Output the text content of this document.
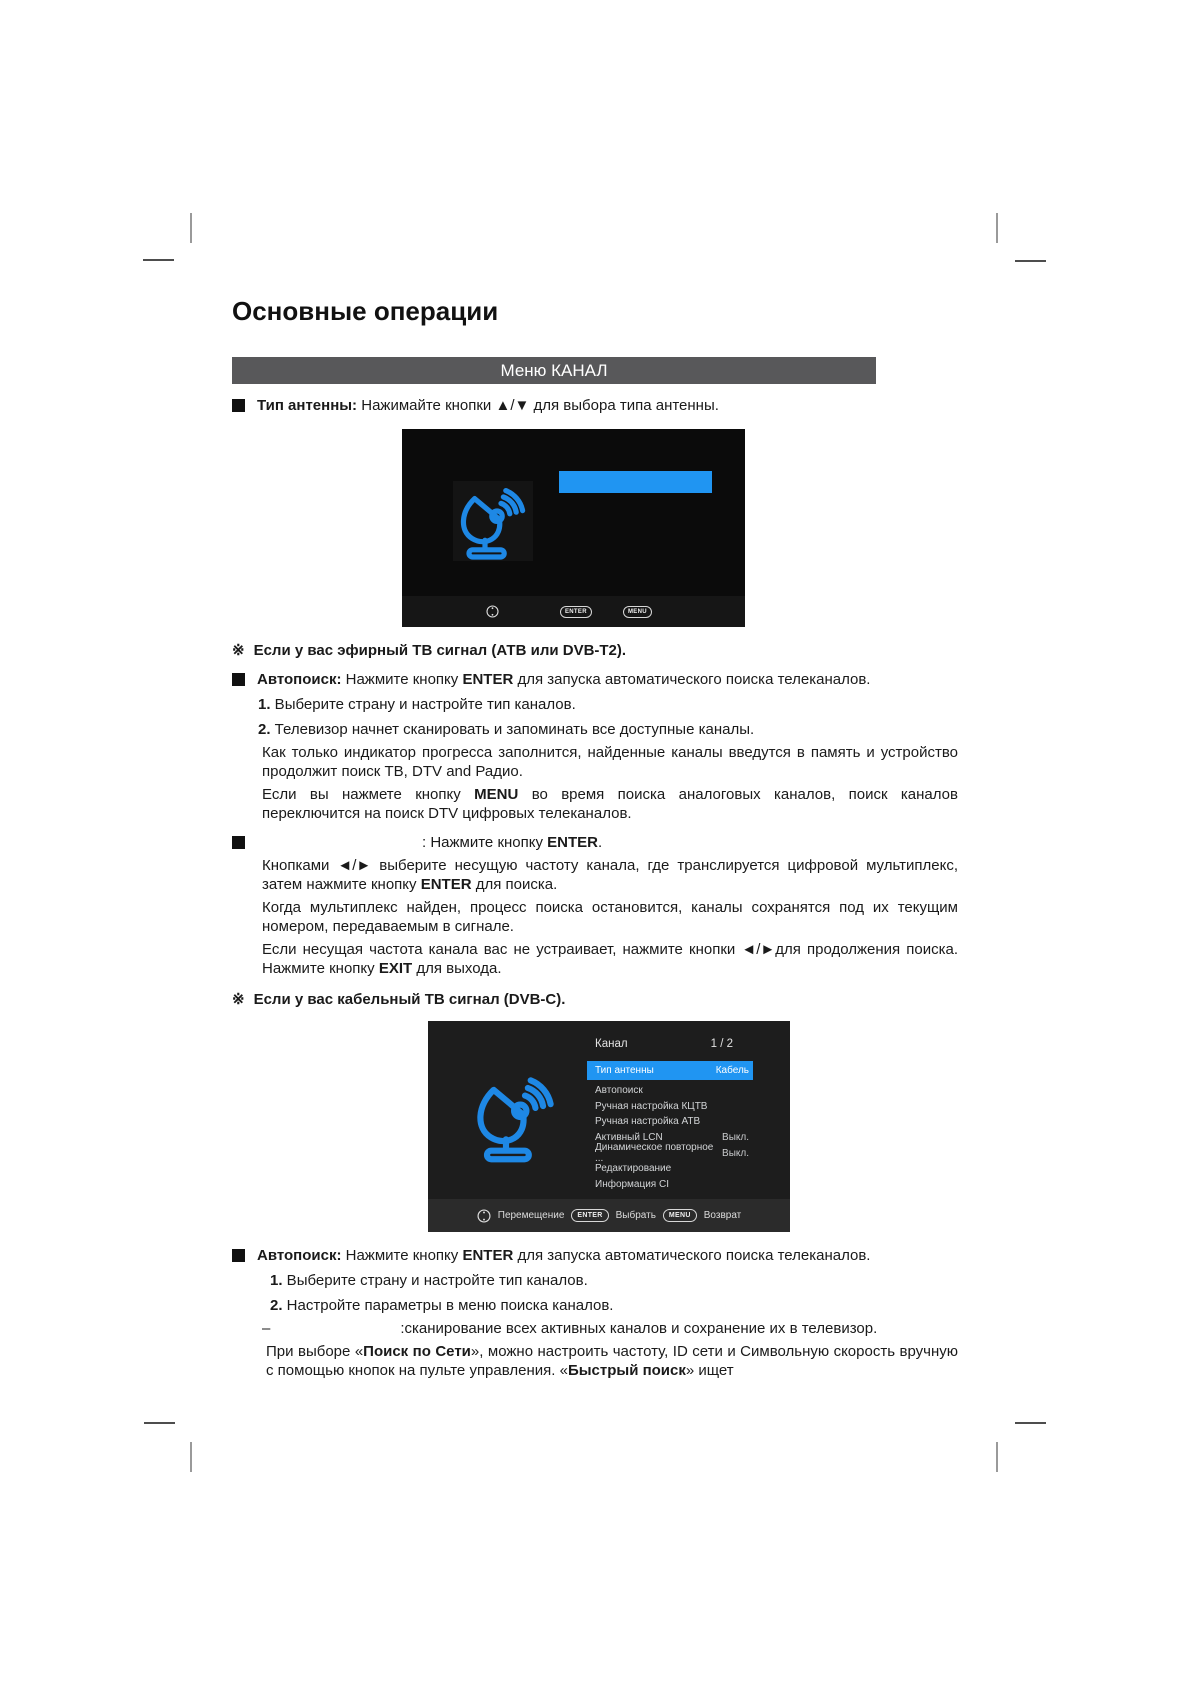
Основные операции
Меню КАНАЛ
Тип антенны: Нажимайте кнопки ▲/▼ для выбора типа антенны.
ENTER	MENU
※ Если у вас эфирный ТВ сигнал (АТВ или DVB-T2).
Автопоиск: Нажмите кнопку ENTER для запуска автоматического поиска телеканалов.
1. Выберите страну и настройте тип каналов.
2. Телевизор начнет сканировать и запоминать все доступные каналы.

Как только индикатор прогресса заполнится, найденные каналы введутся в память и устройство продолжит поиск ТВ, DTV and Радио.

Если вы нажмете кнопку MENU во время поиска аналоговых каналов, поиск каналов переключится на поиск DTV цифровых телеканалов.

: Нажмите кнопку ENTER.

Кнопками ◄/► выберите несущую частоту канала, где транслируется цифровой мультиплекс, затем нажмите кнопку ENTER для поиска.

Когда мультиплекс найден, процесс поиска остановится, каналы сохранятся под их текущим номером, передаваемым в сигнале.

Если несущая частота канала вас не устраивает, нажмите кнопки ◄/►для продолжения поиска. Нажмите кнопку EXIT для выхода.

※ Если у вас кабельный ТВ сигнал (DVB-C).
Канал	1 / 2
Тип антенны	Кабель
Автопоиск
Ручная настройка КЦТВ
Ручная настройка АТВ
Активный LCN	Выкл.
Динамическое повторное ...	Выкл.
Редактирование
Информация CI
Перемещение	ENTER	Выбрать	MENU	Возврат
Автопоиск: Нажмите кнопку ENTER для запуска автоматического поиска телеканалов.
1. Выберите страну и настройте тип каналов.
2. Настройте параметры в меню поиска каналов.
–	:сканирование всех активных каналов и сохранение их в телевизор.

При выборе «Поиск по Сети», можно настроить частоту, ID сети и Символьную скорость вручную с помощью кнопок на пульте управления. «Быстрый поиск» ищет
